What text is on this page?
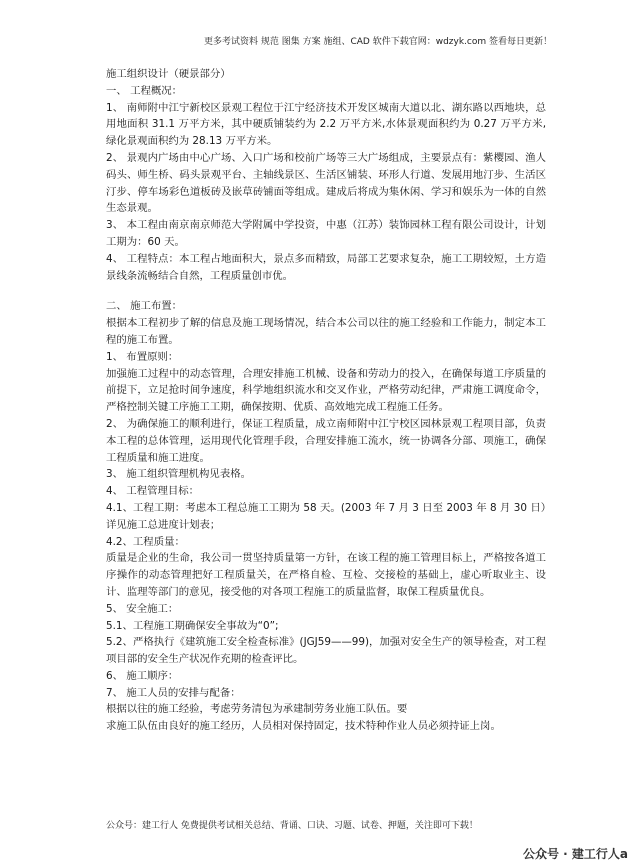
更多考试资料 规范 图集 方案 施组、CAD 软件下载官网：wdzyk.com 签看每日更新！

施工组织设计（硬景部分）

一、 工程概况：

1、 南师附中江宁新校区景观工程位于江宁经济技术开发区城南大道以北、湖东路以西地块，总用地面积 31.1 万平方米，其中硬质铺装约为 2.2 万平方米,水体景观面积约为 0.27 万平方米,绿化景观面积约为 28.13 万平方米。

2、 景观内广场由中心广场、入口广场和校前广场等三大广场组成，主要景点有：紫樱园、渔人码头、师生桥、码头景观平台、主轴线景区、生活区铺装、环形人行道、发展用地汀步、生活区汀步、停车场彩色道板砖及嵌草砖铺面等组成。建成后将成为集休闲、学习和娱乐为一体的自然生态景观。

3、 本工程由南京南京师范大学附属中学投资，中惠（江苏）装饰园林工程有限公司设计，计划工期为：60 天。

4、 工程特点：本工程占地面积大，景点多而精致，局部工艺要求复杂，施工工期较短，土方造景线条流畅结合自然，工程质量创市优。

二、 施工布置：

根据本工程初步了解的信息及施工现场情况，结合本公司以往的施工经验和工作能力，制定本工程的施工布置。

1、 布置原则：

加强施工过程中的动态管理，合理安排施工机械、设备和劳动力的投入，在确保每道工序质量的前提下，立足抢时间争速度，科学地组织流水和交叉作业，严格劳动纪律，严肃施工调度命令，严格控制关键工序施工工期，确保按期、优质、高效地完成工程施工任务。

2、 为确保施工的顺利进行，保证工程质量，成立南师附中江宁校区园林景观工程项目部，负责本工程的总体管理，运用现代化管理手段，合理安排施工流水，统一协调各分部、项施工，确保工程质量和施工进度。

3、 施工组织管理机构见表格。

4、 工程管理目标：

4.1、工程工期：考虑本工程总施工工期为 58 天。(2003 年 7 月 3 日至 2003 年 8 月 30 日）详见施工总进度计划表；

4.2、工程质量：

质量是企业的生命，我公司一贯坚持质量第一方针，在该工程的施工管理目标上，严格按各道工序操作的动态管理把好工程质量关，在严格自检、互检、交接检的基础上，虚心听取业主、设计、监理等部门的意见，接受他的对各项工程施工的质量监督，取保工程质量优良。

5、 安全施工：

5.1、工程施工期确保安全事故为“0”;

5.2、严格执行《建筑施工安全检查标准》(JGJ59——99)，加强对安全生产的领导检查，对工程项目部的安全生产状况作充期的检查评比。

6、 施工顺序：

7、 施工人员的安排与配备：

根据以往的施工经验，考虑劳务清包为承建制劳务业施工队伍。要

求施工队伍由良好的施工经历，人员相对保持固定，技术特种作业人员必须持证上岗。

公众号：建工行人 免费提供考试相关总结、背诵、口诀、习题、试卷、押题，关注即可下载！
公众号 · 建工行人a
